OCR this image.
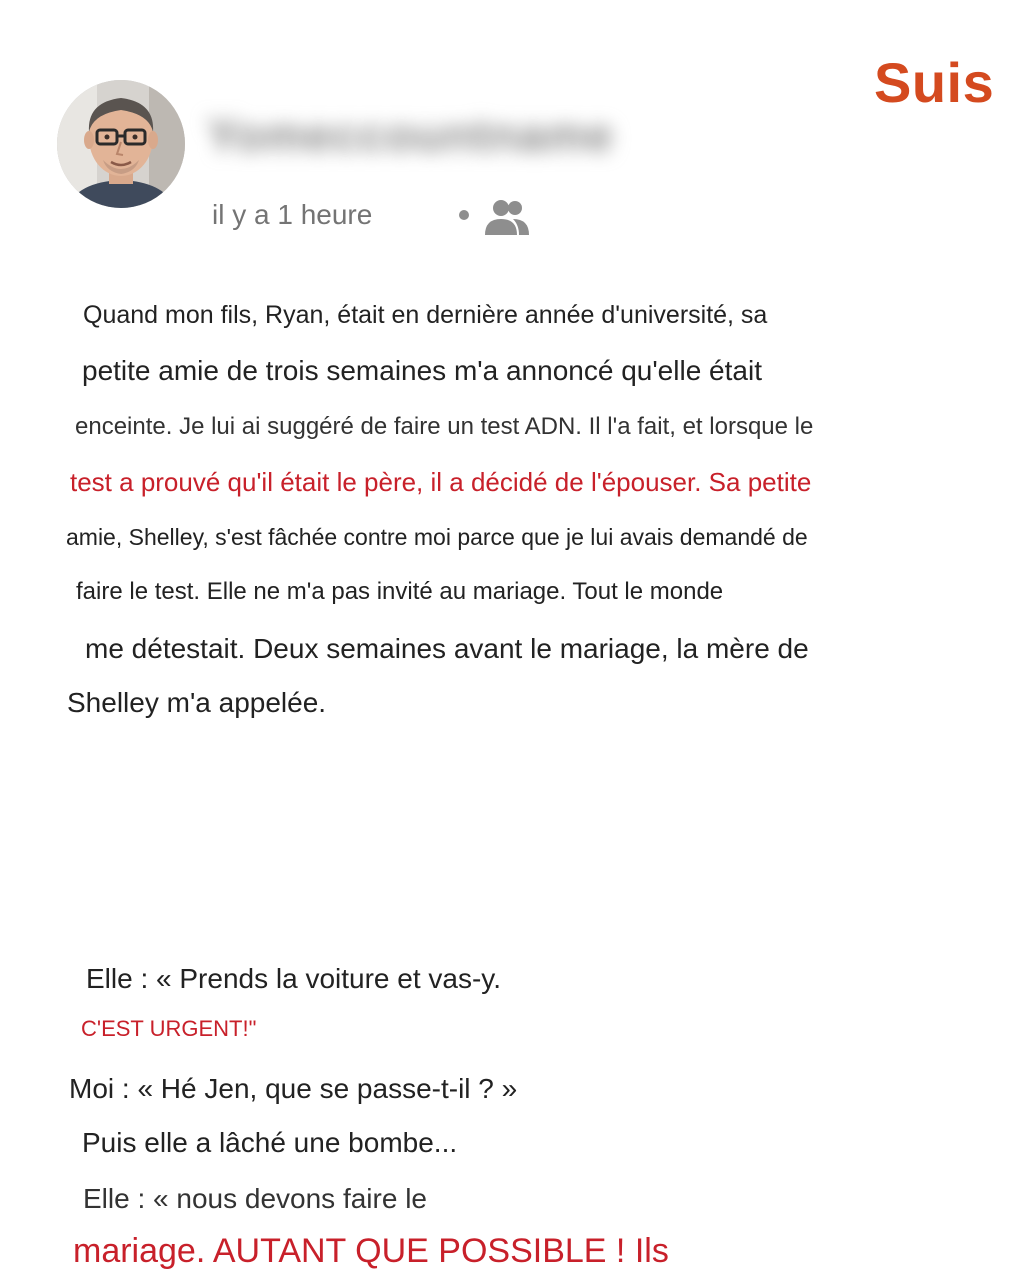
Suis
Yomeccountname
il y a 1 heure
Quand mon fils, Ryan, était en dernière année d'université, sa
petite amie de trois semaines m'a annoncé qu'elle était
enceinte. Je lui ai suggéré de faire un test ADN. Il l'a fait, et lorsque le
test a prouvé qu'il était le père, il a décidé de l'épouser. Sa petite
amie, Shelley, s'est fâchée contre moi parce que je lui avais demandé de
faire le test. Elle ne m'a pas invité au mariage. Tout le monde
me détestait. Deux semaines avant le mariage, la mère de
Shelley m'a appelée.
Elle : « Prends la voiture et vas-y.
C'EST URGENT!"
Moi : « Hé Jen, que se passe-t-il ? »
Puis elle a lâché une bombe...
Elle : « nous devons faire le
mariage. AUTANT QUE POSSIBLE ! Ils
